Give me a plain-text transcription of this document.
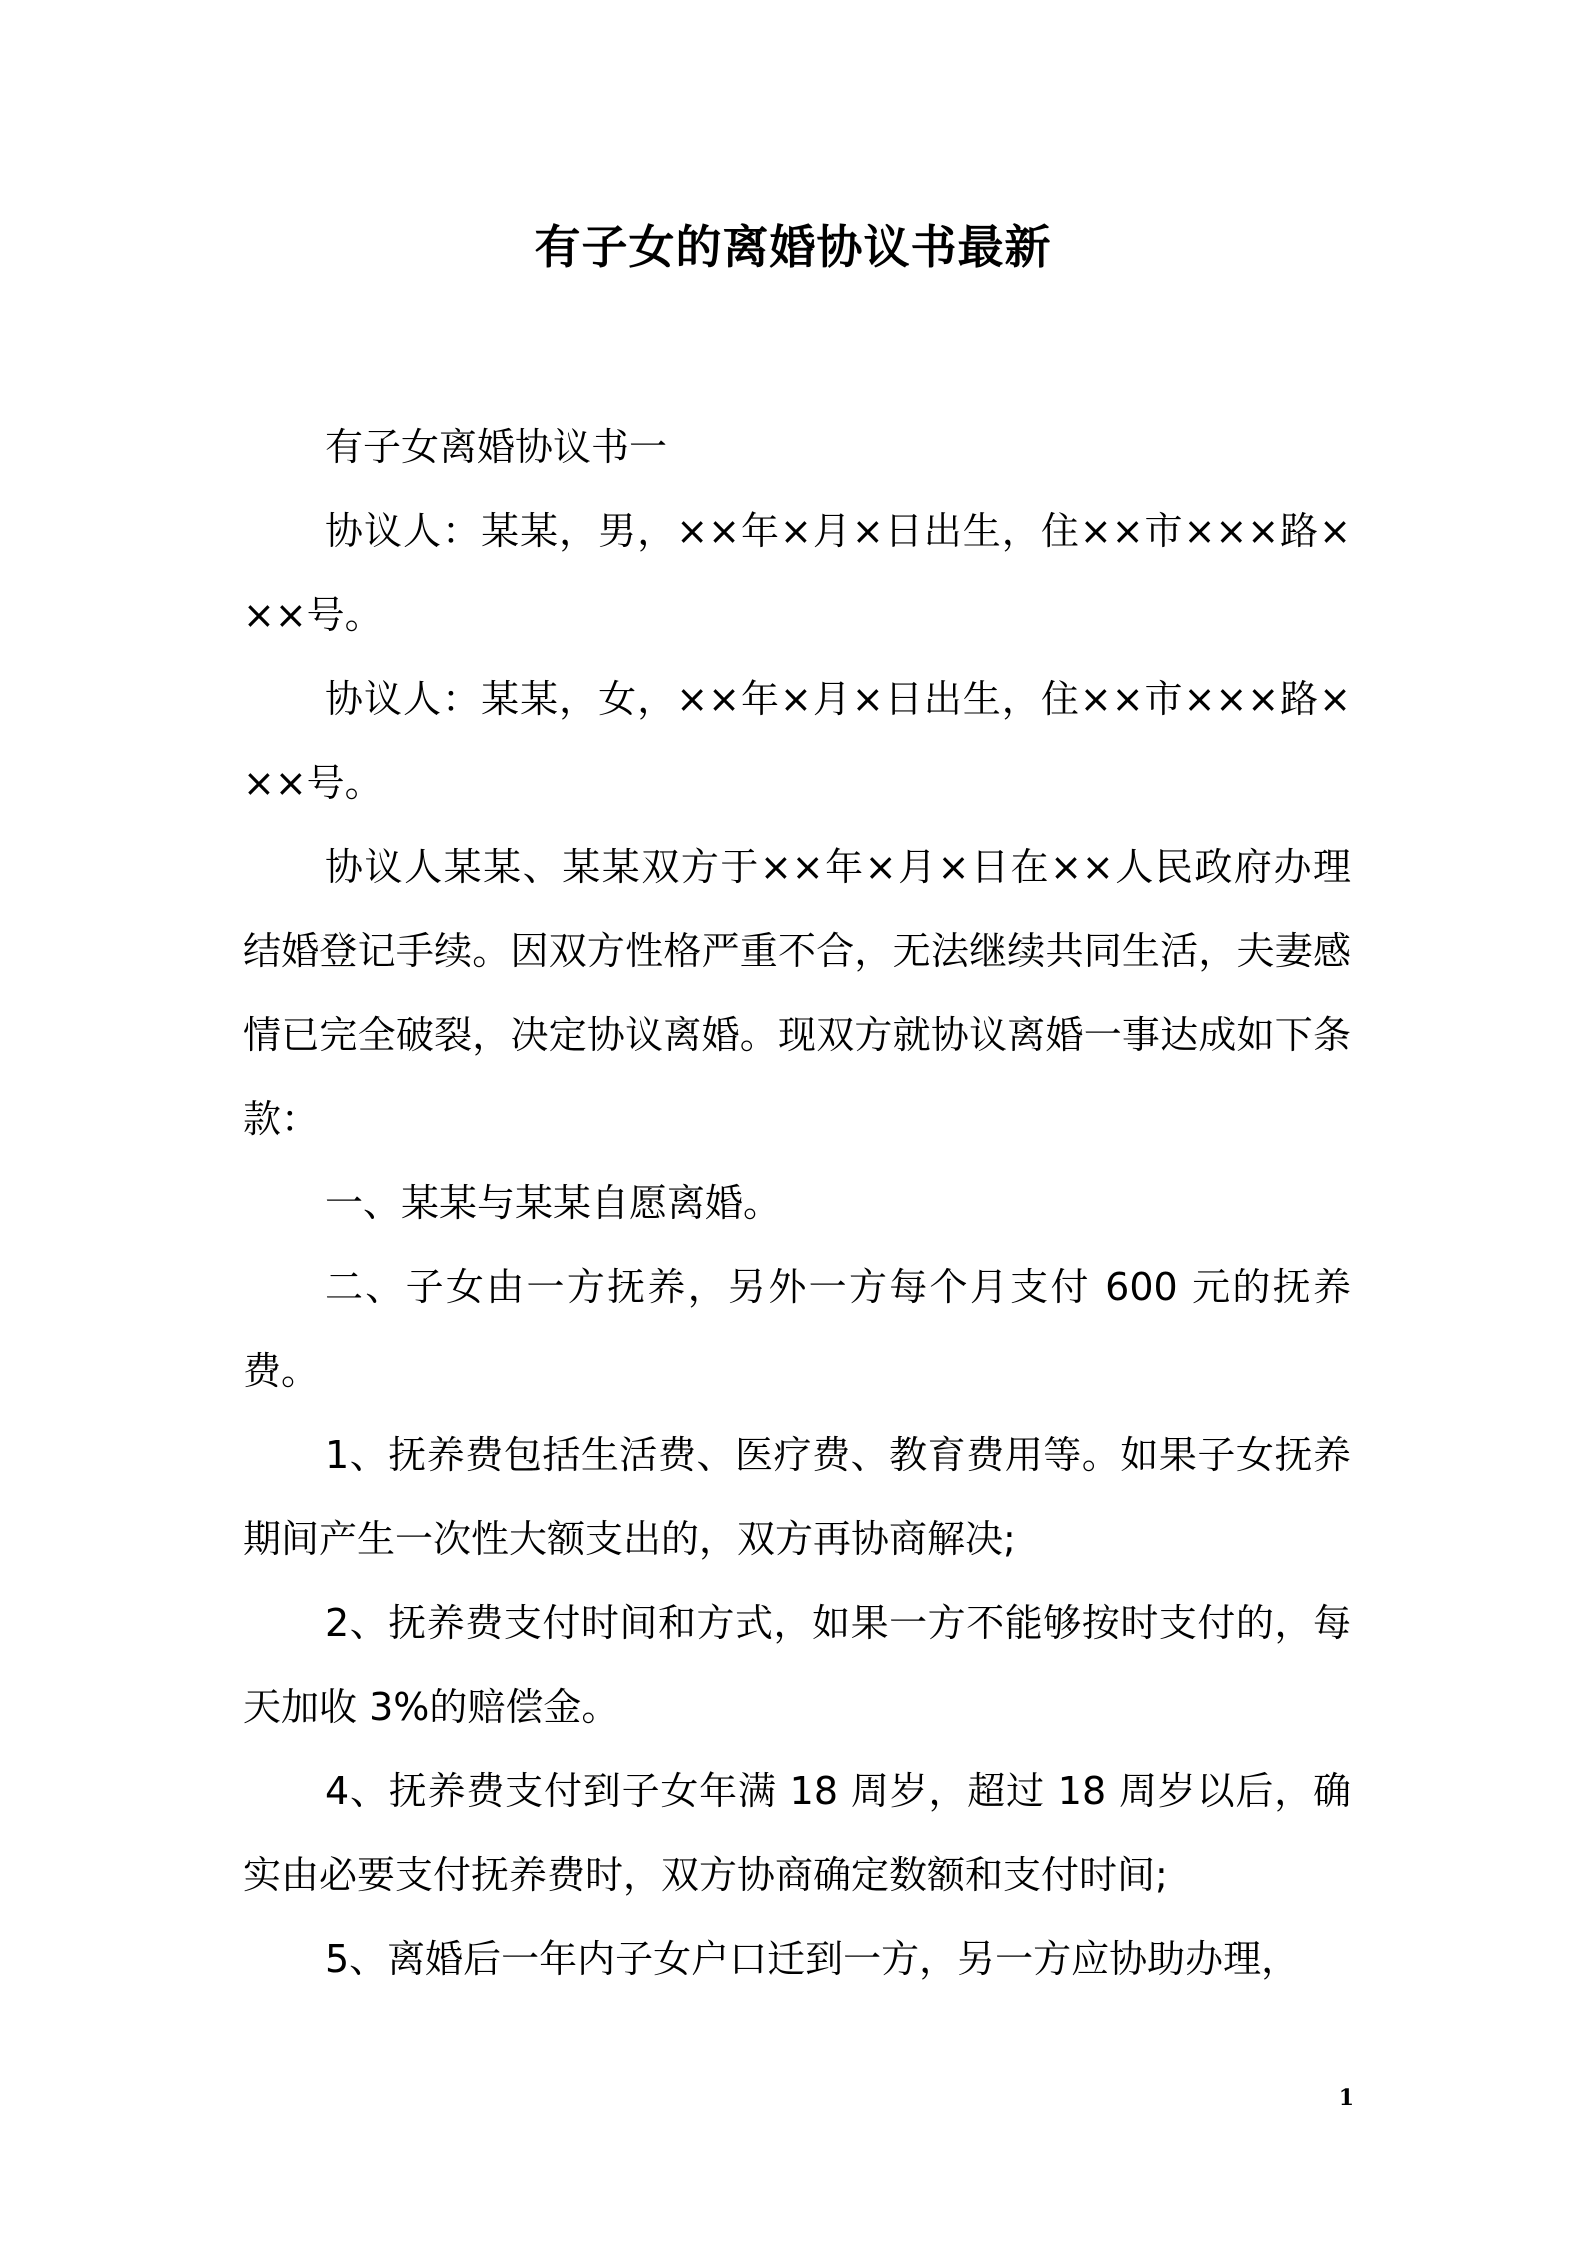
有子女的离婚协议书最新

有子女离婚协议书一

协议人：某某，男，××年×月×日出生，住××市×××路×××号。

协议人：某某，女，××年×月×日出生，住××市×××路×××号。

协议人某某、某某双方于××年×月×日在××人民政府办理结婚登记手续。因双方性格严重不合，无法继续共同生活，夫妻感情已完全破裂，决定协议离婚。现双方就协议离婚一事达成如下条款：

一、某某与某某自愿离婚。

二、子女由一方抚养，另外一方每个月支付 600 元的抚养费。

1、抚养费包括生活费、医疗费、教育费用等。如果子女抚养期间产生一次性大额支出的，双方再协商解决;

2、抚养费支付时间和方式，如果一方不能够按时支付的，每天加收 3%的赔偿金。

4、抚养费支付到子女年满 18 周岁，超过 18 周岁以后，确实由必要支付抚养费时，双方协商确定数额和支付时间;

5、离婚后一年内子女户口迁到一方，另一方应协助办理，

1
